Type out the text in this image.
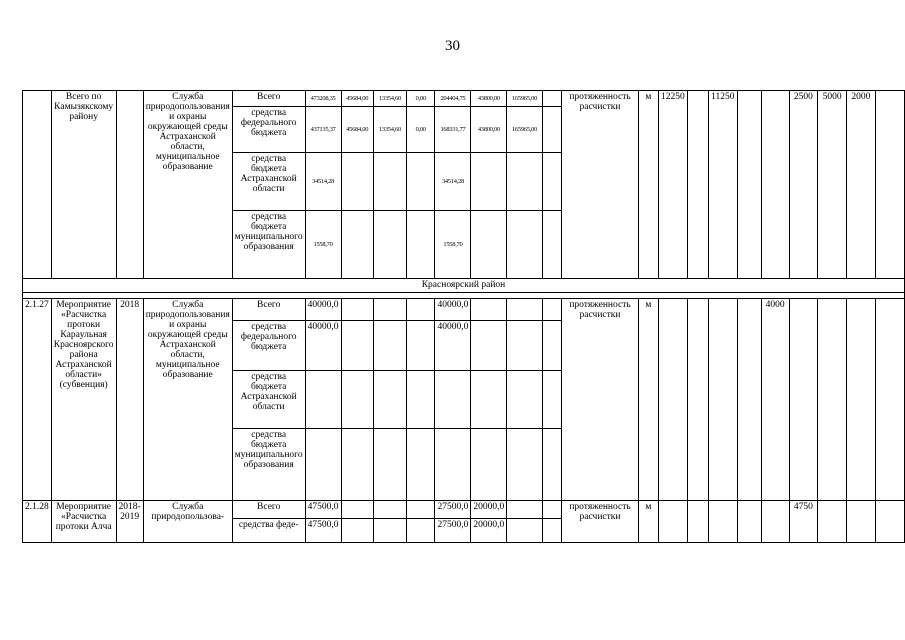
30
	Всего по Камызякскому району		Служба природопользования и охраны окружающей среды Астраханской области, муниципальное образование	Всего	473208,35	45684,00	13354,60	0,00	204404,75	43800,00	165965,00		протяженность расчистки	м	12250		11250			2500	5000	2000	
				средства федерального бюджета	437135,37	45684,00	13354,60	0,00	168331,77	43800,00	165965,00												
				средства бюджета Астраханской области	34514,28				34514,28														
				средства бюджета муниципального образования	1558,70				1558,70														
Красноярский район																							

2.1.27	Мероприятие «Расчистка протоки Карaульная Красноярского района Астраханской области» (субвенция)	2018	Служба природопользования и охраны окружающей среды Астраханской области, муниципальное образование	Всего	40000,0				40000,0				протяженность расчистки	м					4000				
				средства федерального бюджета	40000,0				40000,0														
				средства бюджета Астраханской области																			
				средства бюджета муниципального образования																			
2.1.28	Мероприятие «Расчистка протоки Алча	2018-2019	Служба природопользова-	Всего	47500,0				27500,0	20000,0			протяженность расчистки	м						4750			
				средства феде-	47500,0				27500,0	20000,0													
